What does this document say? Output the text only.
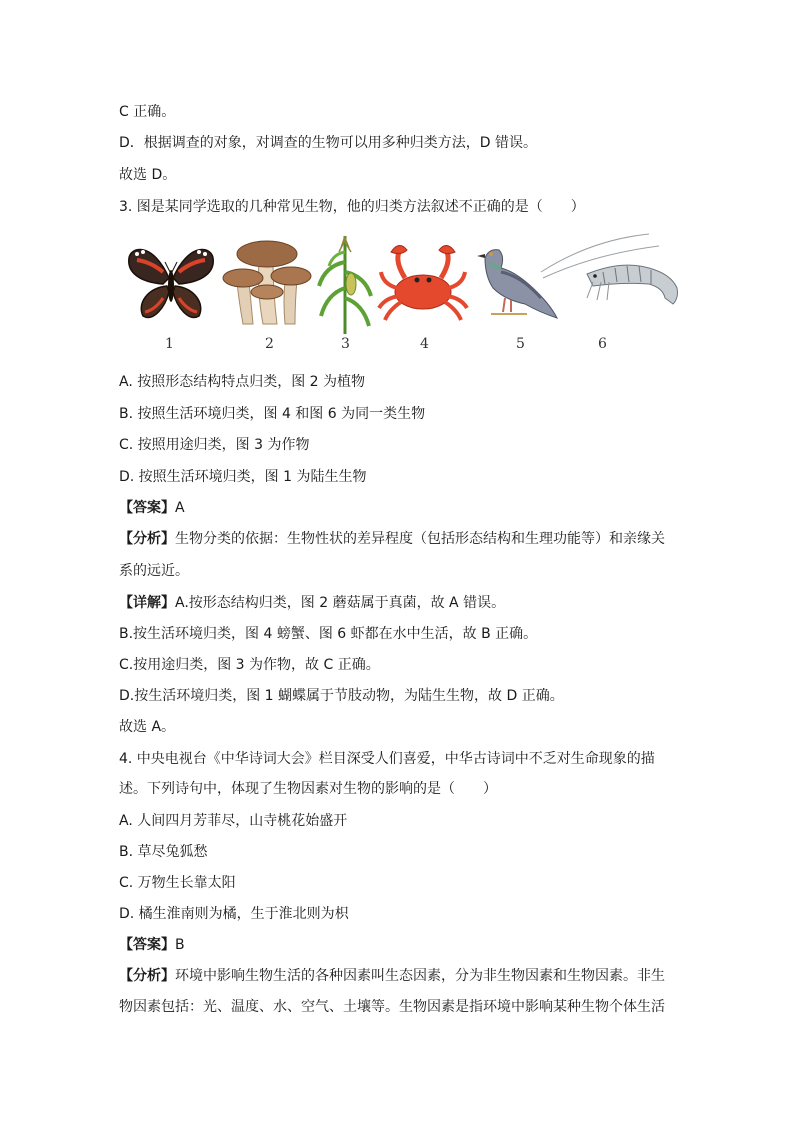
C 正确。
D．根据调查的对象，对调查的生物可以用多种归类方法，D 错误。
故选 D。
3. 图是某同学选取的几种常见生物，他的归类方法叙述不正确的是（　　）
1	2	3	4	5	6
A. 按照形态结构特点归类，图 2 为植物
B. 按照生活环境归类，图 4 和图 6 为同一类生物
C. 按照用途归类，图 3 为作物
D. 按照生活环境归类，图 1 为陆生生物
【答案】A
【分析】生物分类的依据：生物性状的差异程度（包括形态结构和生理功能等）和亲缘关
系的远近。
【详解】A.按形态结构归类，图 2 蘑菇属于真菌，故 A 错误。
B.按生活环境归类，图 4 螃蟹、图 6 虾都在水中生活，故 B 正确。
C.按用途归类，图 3 为作物，故 C 正确。
D.按生活环境归类，图 1 蝴蝶属于节肢动物，为陆生生物，故 D 正确。
故选 A。
4. 中央电视台《中华诗词大会》栏目深受人们喜爱，中华古诗词中不乏对生命现象的描
述。下列诗句中，体现了生物因素对生物的影响的是（　　）
A. 人间四月芳菲尽，山寺桃花始盛开
B. 草尽兔狐愁
C. 万物生长靠太阳
D. 橘生淮南则为橘，生于淮北则为枳
【答案】B
【分析】环境中影响生物生活的各种因素叫生态因素，分为非生物因素和生物因素。非生
物因素包括：光、温度、水、空气、土壤等。生物因素是指环境中影响某种生物个体生活
